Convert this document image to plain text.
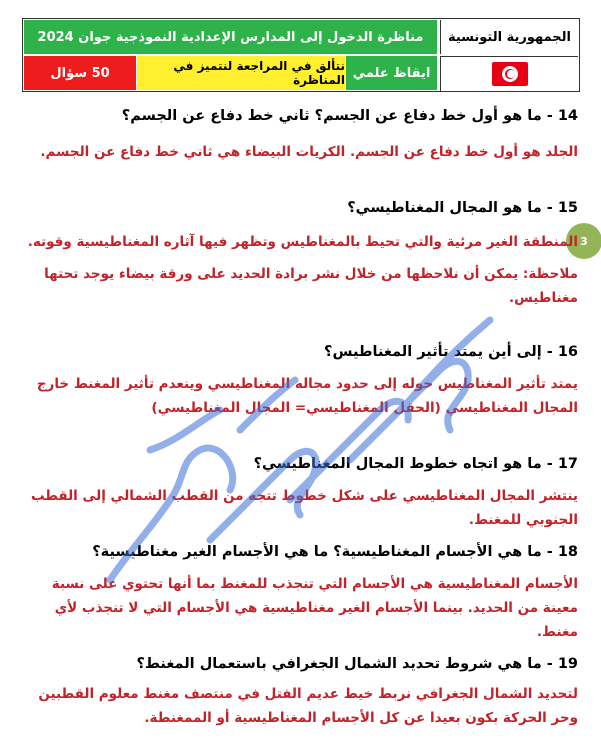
مناظرة الدخول إلى المدارس الإعدادية النموذجية جوان 2024	الجمهورية التونسية
50 سؤال	نتألق في المراجعة لنتميز في المناظرة ايقاظ علمي
3

14 - ما هو أول خط دفاع عن الجسم؟ ثاني خط دفاع عن الجسم؟

الجلد هو أول خط دفاع عن الجسم. الكريات البيضاء هي ثاني خط دفاع عن الجسم.

15 - ما هو المجال المغناطيسي؟

المنطقة الغير مرئية والتي تحيط بالمغناطيس وتظهر فيها آثاره المغناطيسية وقوته.

ملاحظة: يمكن أن نلاحظها من خلال نشر برادة الحديد على ورقة بيضاء يوجد تحتها مغناطيس.

16 - إلى أين يمتد تأثير المغناطيس؟

يمتد تأثير المغناطيس حوله إلى حدود مجاله المغناطيسي وينعدم تأثير المغنط خارج المجال المغناطيسي (الحقل المغناطيسي= المجال المغناطيسي)

17 - ما هو اتجاه خطوط المجال المغناطيسي؟

ينتشر المجال المغناطيسي على شكل خطوط تتجه من القطب الشمالي إلى القطب الجنوبي للمغنط.

18 - ما هي الأجسام المغناطيسية؟ ما هي الأجسام الغير مغناطيسية؟

الأجسام المغناطيسية هي الأجسام التي تنجذب للمغنط بما أنها تحتوي على نسبة معينة من الحديد. بينما الأجسام الغير مغناطيسية هي الأجسام التي لا تنجذب لأي مغنط.

19 - ما هي شروط تحديد الشمال الجغرافي باستعمال المغنط؟

لتحديد الشمال الجغرافي نربط خيط عديم الفتل في منتصف مغنط معلوم القطبين وحر الحركة بكون بعيدا عن كل الأجسام المغناطيسية أو الممغنطة.
